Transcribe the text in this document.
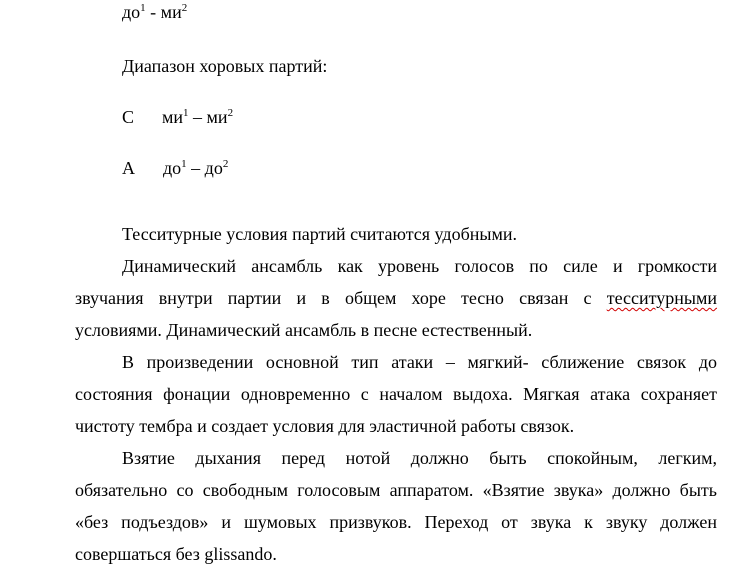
$до^1 - ми^2$
Диапазон хоровых партий:
С $ми^1 - ми^2$
А $до^1 - до^2$
Тесситурные условия партий считаются удобными.
Динамический ансамбль как уровень голосов по силе и громкости
звучания внутри партии и в общем хоре тесно связан с тесситурными
условиями. Динамический ансамбль в песне естественный.
В произведении основной тип атаки – мягкий- сближение связок до
состояния фонации одновременно с началом выдоха. Мягкая атака сохраняет
чистоту тембра и создает условия для эластичной работы связок.
Взятие дыхания перед нотой должно быть спокойным, легким,
обязательно со свободным голосовым аппаратом. «Взятие звука» должно быть
«без подъездов» и шумовых призвуков. Переход от звука к звуку должен
совершаться без glissando.
